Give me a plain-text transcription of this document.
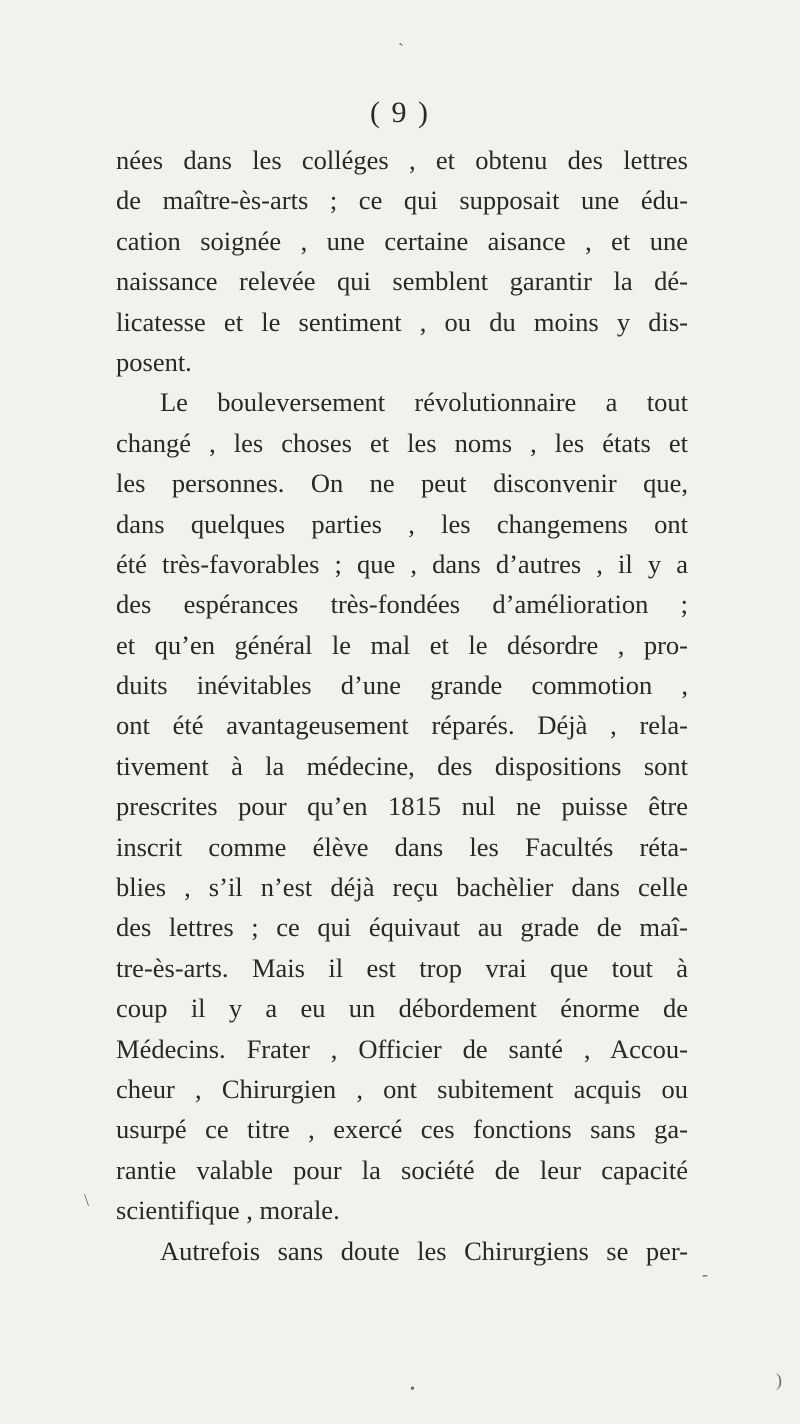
( 9 )
nées dans les colléges , et obtenu des lettres
de maître-ès-arts ; ce qui supposait une édu-
cation soignée , une certaine aisance , et une
naissance relevée qui semblent garantir la dé-
licatesse et le sentiment , ou du moins y dis-
posent.
Le bouleversement révolutionnaire a tout
changé , les choses et les noms , les états et
les personnes. On ne peut disconvenir que,
dans quelques parties , les changemens ont
été très-favorables ; que , dans d’autres , il y a
des espérances très-fondées d’amélioration ;
et qu’en général le mal et le désordre , pro-
duits inévitables d’une grande commotion ,
ont été avantageusement réparés. Déjà , rela-
tivement à la médecine, des dispositions sont
prescrites pour qu’en 1815 nul ne puisse être
inscrit comme élève dans les Facultés réta-
blies , s’il n’est déjà reçu bachèlier dans celle
des lettres ; ce qui équivaut au grade de maî-
tre-ès-arts. Mais il est trop vrai que tout à
coup il y a eu un débordement énorme de
Médecins. Frater , Officier de santé , Accou-
cheur , Chirurgien , ont subitement acquis ou
usurpé ce titre , exercé ces fonctions sans ga-
rantie valable pour la société de leur capacité
scientifique , morale.
Autrefois sans doute les Chirurgiens se per-
`
\
-
•	)
